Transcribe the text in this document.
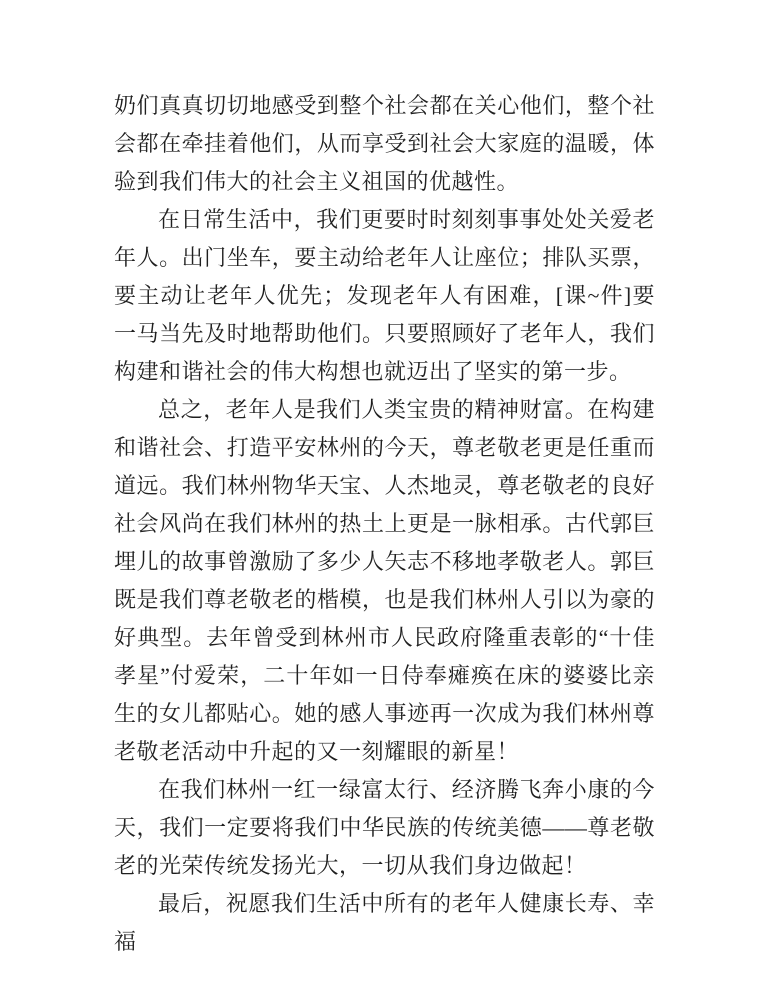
奶们真真切切地感受到整个社会都在关心他们，整个社会都在牵挂着他们，从而享受到社会大家庭的温暖，体验到我们伟大的社会主义祖国的优越性。

在日常生活中，我们更要时时刻刻事事处处关爱老年人。出门坐车，要主动给老年人让座位；排队买票，要主动让老年人优先；发现老年人有困难，[课~件]要一马当先及时地帮助他们。只要照顾好了老年人，我们构建和谐社会的伟大构想也就迈出了坚实的第一步。

总之，老年人是我们人类宝贵的精神财富。在构建和谐社会、打造平安林州的今天，尊老敬老更是任重而道远。我们林州物华天宝、人杰地灵，尊老敬老的良好社会风尚在我们林州的热土上更是一脉相承。古代郭巨埋儿的故事曾激励了多少人矢志不移地孝敬老人。郭巨既是我们尊老敬老的楷模，也是我们林州人引以为豪的好典型。去年曾受到林州市人民政府隆重表彰的“十佳孝星”付爱荣，二十年如一日侍奉瘫痪在床的婆婆比亲生的女儿都贴心。她的感人事迹再一次成为我们林州尊老敬老活动中升起的又一刻耀眼的新星！

在我们林州一红一绿富太行、经济腾飞奔小康的今天，我们一定要将我们中华民族的传统美德——尊老敬老的光荣传统发扬光大，一切从我们身边做起！

最后，祝愿我们生活中所有的老年人健康长寿、幸福
